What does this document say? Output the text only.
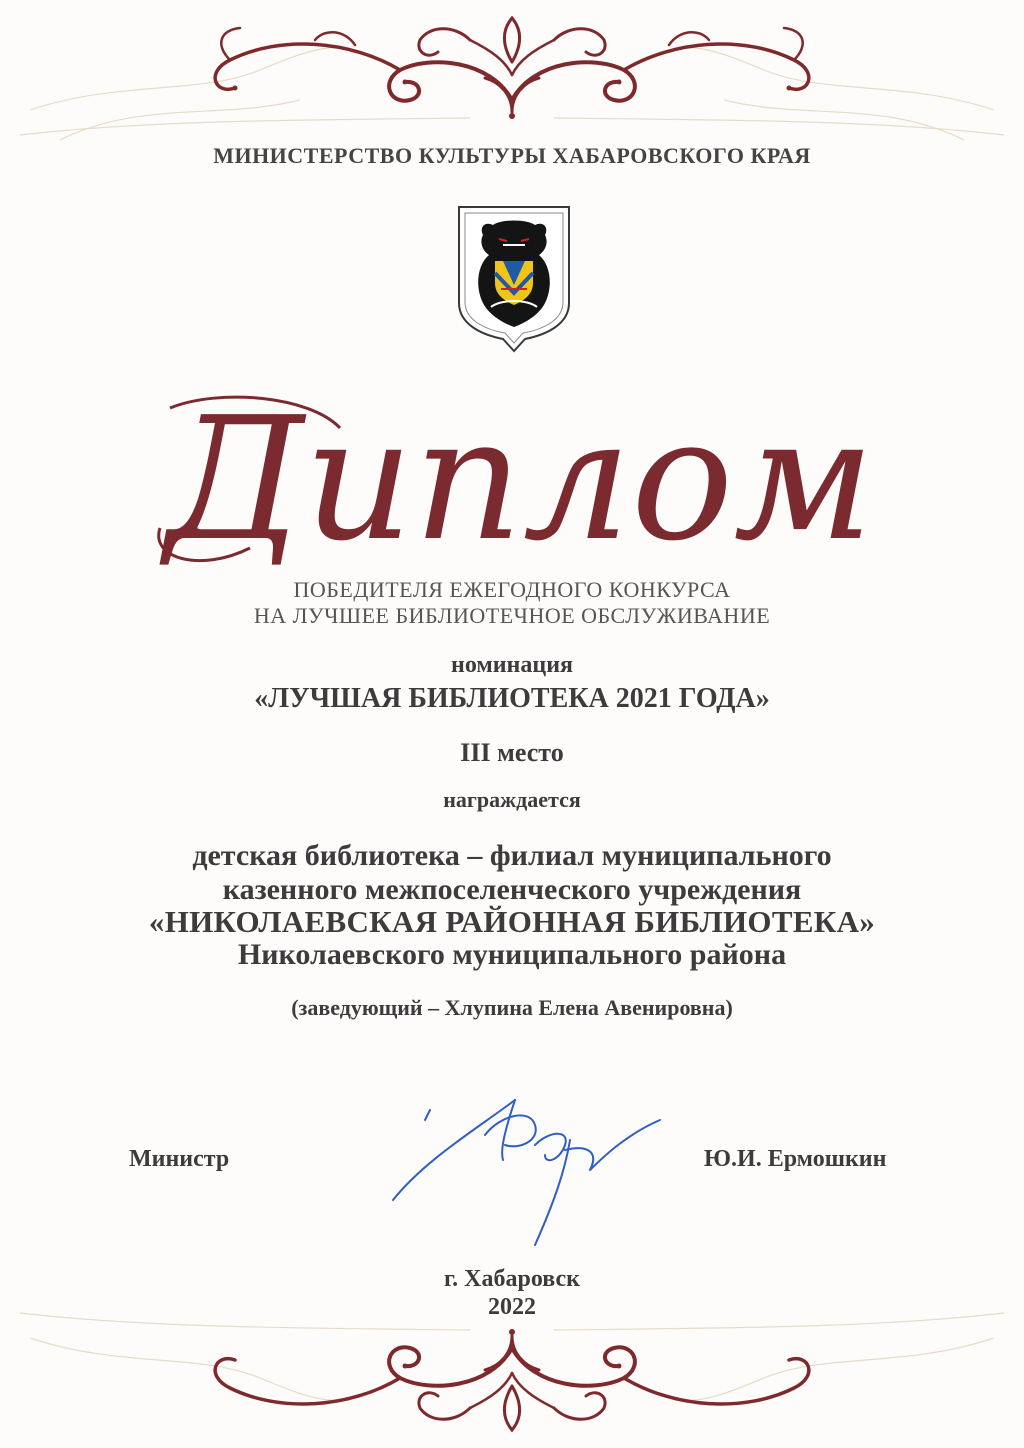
МИНИСТЕРСТВО КУЛЬТУРЫ ХАБАРОВСКОГО КРАЯ
Диплом
ПОБЕДИТЕЛЯ ЕЖЕГОДНОГО КОНКУРСА
НА ЛУЧШЕЕ БИБЛИОТЕЧНОЕ ОБСЛУЖИВАНИЕ
номинация
«ЛУЧШАЯ БИБЛИОТЕКА 2021 ГОДА»
III место
награждается
детская библиотека – филиал муниципального
казенного межпоселенческого учреждения
«НИКОЛАЕВСКАЯ РАЙОННАЯ БИБЛИОТЕКА»
Николаевского муниципального района
(заведующий – Хлупина Елена Авенировна)
Министр	Ю.И. Ермошкин
г. Хабаровск
2022
